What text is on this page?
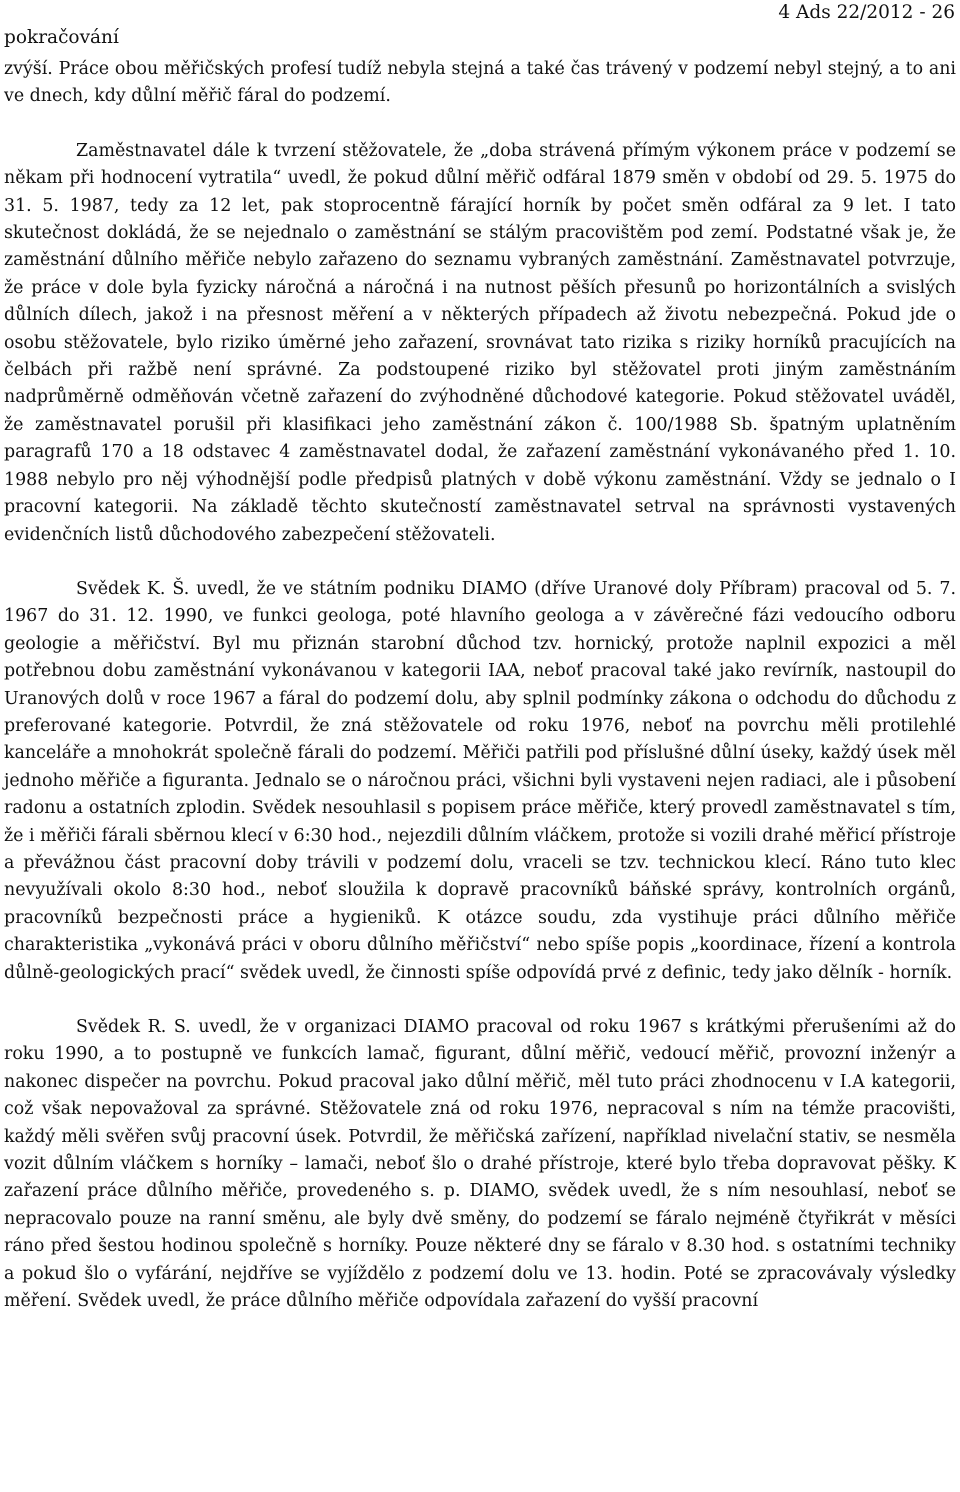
pokračování
4 Ads 22/2012 - 26

zvýší. Práce obou měřičských profesí tudíž nebyla stejná a také čas trávený v podzemí nebyl stejný, a to ani ve dnech, kdy důlní měřič fáral do podzemí.

Zaměstnavatel dále k tvrzení stěžovatele, že „doba strávená přímým výkonem práce v podzemí se někam při hodnocení vytratila“ uvedl, že pokud důlní měřič odfáral 1879 směn v období od 29. 5. 1975 do 31. 5. 1987, tedy za 12 let, pak stoprocentně fárající horník by počet směn odfáral za 9 let. I tato skutečnost dokládá, že se nejednalo o zaměstnání se stálým pracovištěm pod zemí. Podstatné však je, že zaměstnání důlního měřiče nebylo zařazeno do seznamu vybraných zaměstnání. Zaměstnavatel potvrzuje, že práce v dole byla fyzicky náročná a náročná i na nutnost pěších přesunů po horizontálních a svislých důlních dílech, jakož i na přesnost měření a v některých případech až životu nebezpečná. Pokud jde o osobu stěžovatele, bylo riziko úměrné jeho zařazení, srovnávat tato rizika s riziky horníků pracujících na čelbách při ražbě není správné. Za podstoupené riziko byl stěžovatel proti jiným zaměstnáním nadprůměrně odměňován včetně zařazení do zvýhodněné důchodové kategorie. Pokud stěžovatel uváděl, že zaměstnavatel porušil při klasifikaci jeho zaměstnání zákon č. 100/1988 Sb. špatným uplatněním paragrafů 170 a 18 odstavec 4 zaměstnavatel dodal, že zařazení zaměstnání vykonávaného před 1. 10. 1988 nebylo pro něj výhodnější podle předpisů platných v době výkonu zaměstnání. Vždy se jednalo o I pracovní kategorii. Na základě těchto skutečností zaměstnavatel setrval na správnosti vystavených evidenčních listů důchodového zabezpečení stěžovateli.

Svědek K. Š. uvedl, že ve státním podniku DIAMO (dříve Uranové doly Příbram) pracoval od 5. 7. 1967 do 31. 12. 1990, ve funkci geologa, poté hlavního geologa a v závěrečné fázi vedoucího odboru geologie a měřičství. Byl mu přiznán starobní důchod tzv. hornický, protože naplnil expozici a měl potřebnou dobu zaměstnání vykonávanou v kategorii IAA, neboť pracoval také jako revírník, nastoupil do Uranových dolů v roce 1967 a fáral do podzemí dolu, aby splnil podmínky zákona o odchodu do důchodu z preferované kategorie. Potvrdil, že zná stěžovatele od roku 1976, neboť na povrchu měli protilehlé kanceláře a mnohokrát společně fárali do podzemí. Měřiči patřili pod příslušné důlní úseky, každý úsek měl jednoho měřiče a figuranta. Jednalo se o náročnou práci, všichni byli vystaveni nejen radiaci, ale i působení radonu a ostatních zplodin. Svědek nesouhlasil s popisem práce měřiče, který provedl zaměstnavatel s tím, že i měřiči fárali sběrnou klecí v 6:30 hod., nejezdili důlním vláčkem, protože si vozili drahé měřicí přístroje a převážnou část pracovní doby trávili v podzemí dolu, vraceli se tzv. technickou klecí. Ráno tuto klec nevyužívali okolo 8:30 hod., neboť sloužila k dopravě pracovníků báňské správy, kontrolních orgánů, pracovníků bezpečnosti práce a hygieniků. K otázce soudu, zda vystihuje práci důlního měřiče charakteristika „vykonává práci v oboru důlního měřičství“ nebo spíše popis „koordinace, řízení a kontrola důlně-geologických prací“ svědek uvedl, že činnosti spíše odpovídá prvé z definic, tedy jako dělník - horník.

Svědek R. S. uvedl, že v organizaci DIAMO pracoval od roku 1967 s krátkými přerušeními až do roku 1990, a to postupně ve funkcích lamač, figurant, důlní měřič, vedoucí měřič, provozní inženýr a nakonec dispečer na povrchu. Pokud pracoval jako důlní měřič, měl tuto práci zhodnocenu v I.A kategorii, což však nepovažoval za správné. Stěžovatele zná od roku 1976, nepracoval s ním na témže pracovišti, každý měli svěřen svůj pracovní úsek. Potvrdil, že měřičská zařízení, například nivelační stativ, se nesměla vozit důlním vláčkem s horníky – lamači, neboť šlo o drahé přístroje, které bylo třeba dopravovat pěšky. K zařazení práce důlního měřiče, provedeného s. p. DIAMO, svědek uvedl, že s ním nesouhlasí, neboť se nepracovalo pouze na ranní směnu, ale byly dvě směny, do podzemí se fáralo nejméně čtyřikrát v měsíci ráno před šestou hodinou společně s horníky. Pouze některé dny se fáralo v 8.30 hod. s ostatními techniky a pokud šlo o vyfárání, nejdříve se vyjíždělo z podzemí dolu ve 13. hodin. Poté se zpracovávaly výsledky měření. Svědek uvedl, že práce důlního měřiče odpovídala zařazení do vyšší pracovní
